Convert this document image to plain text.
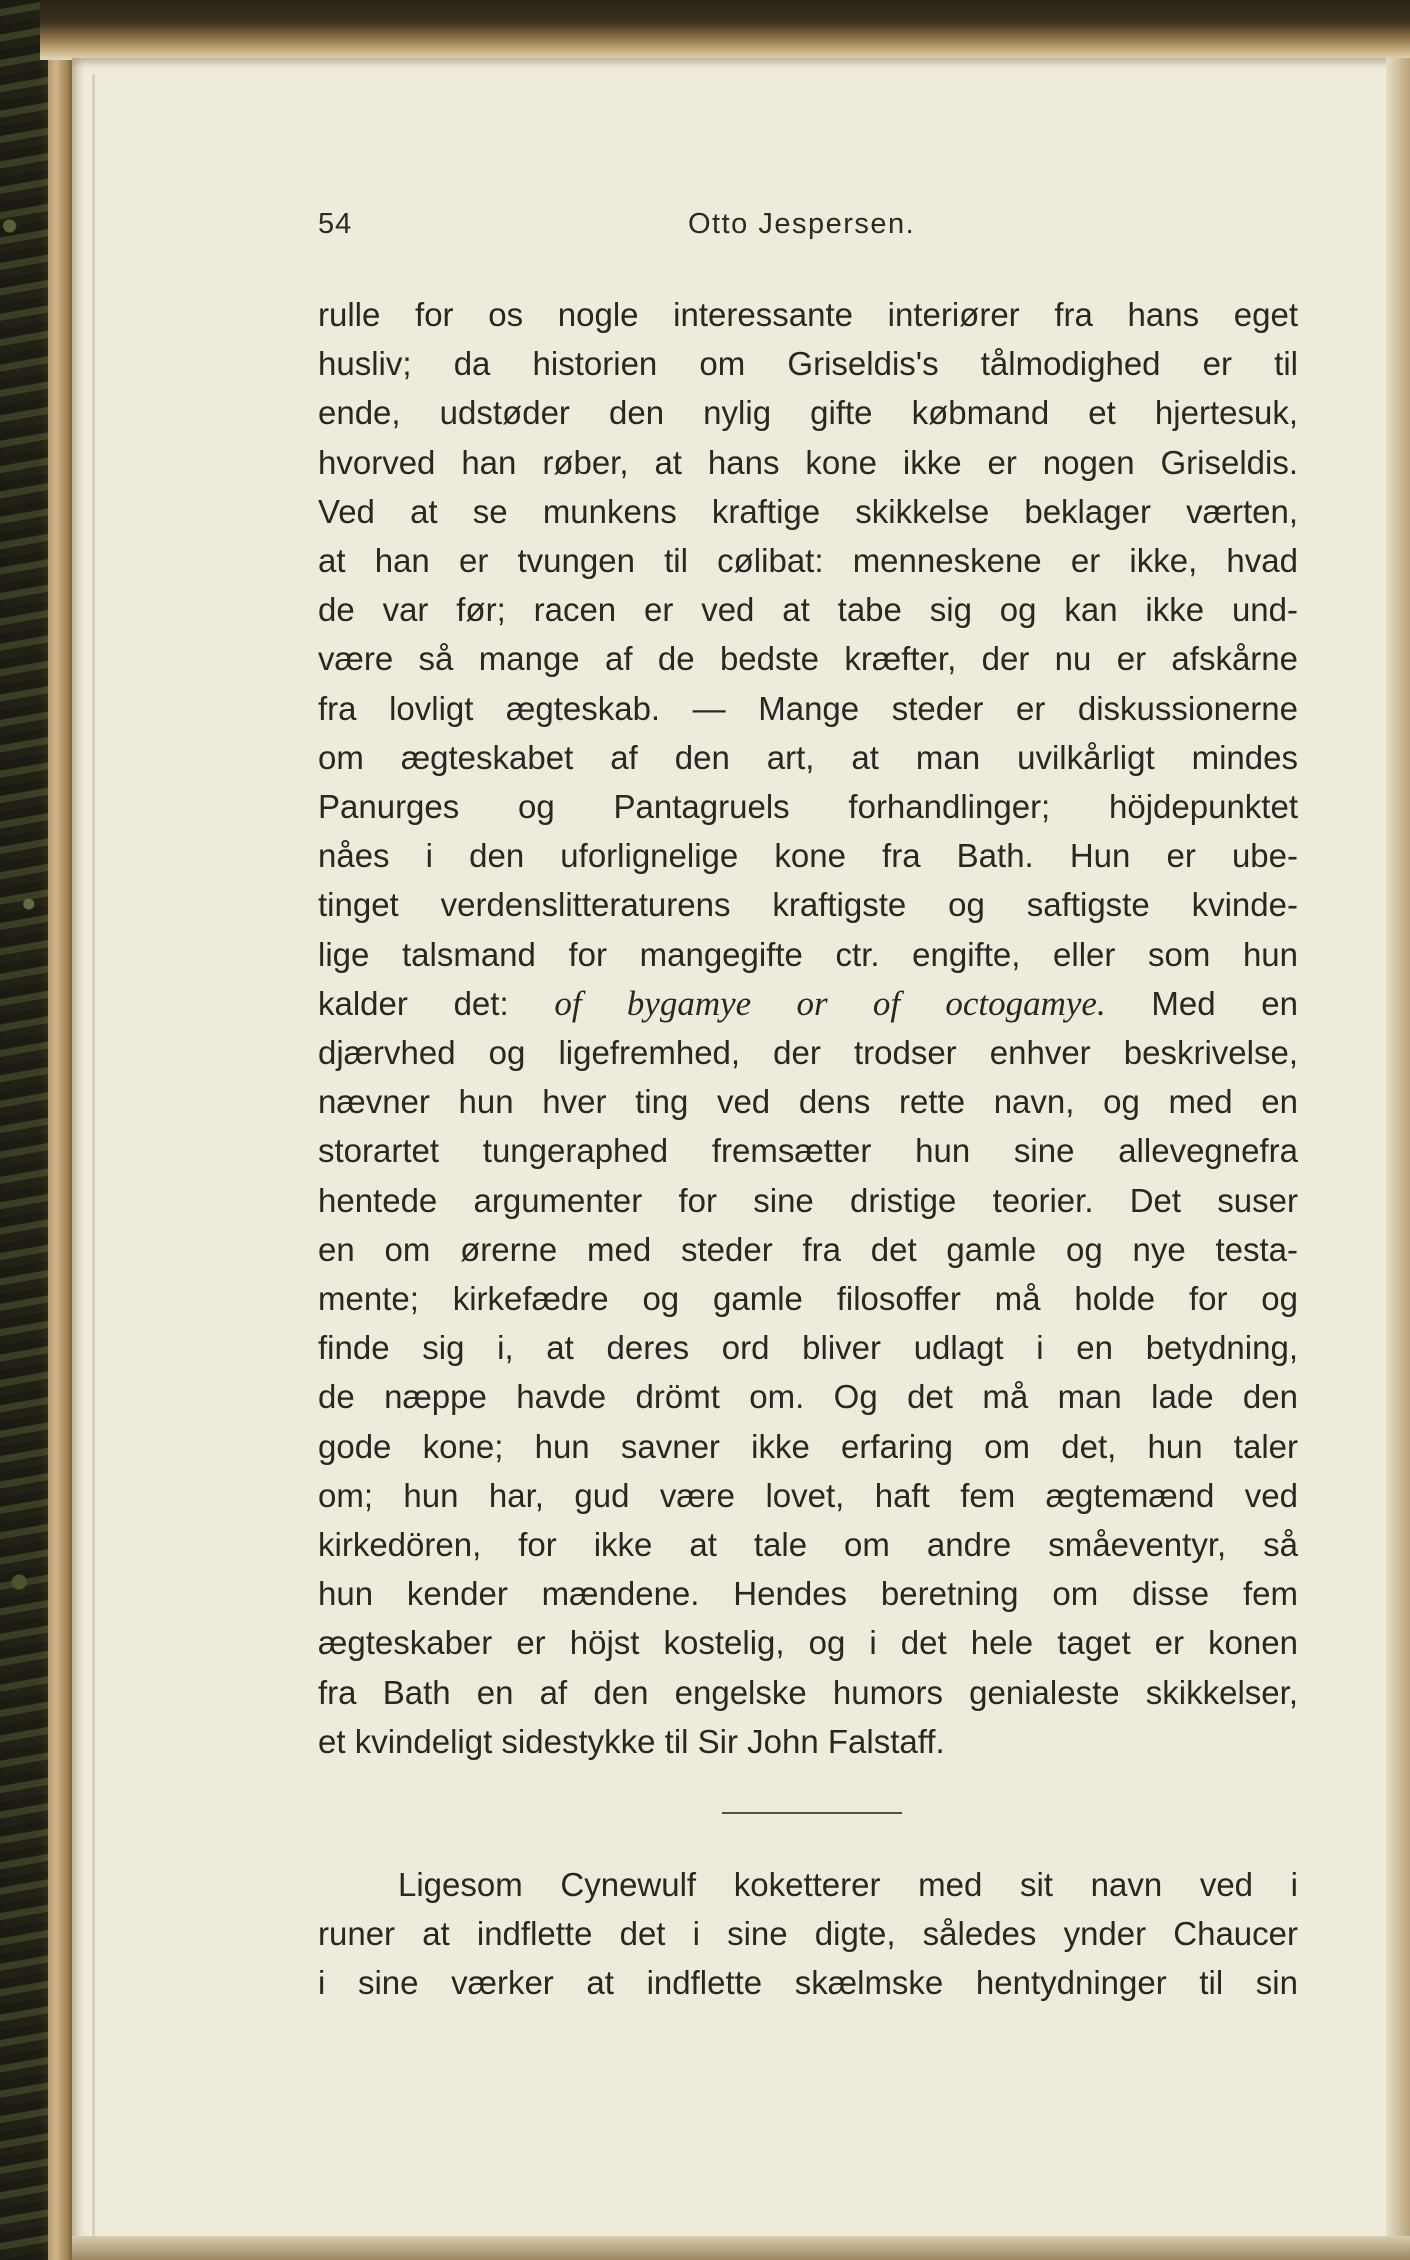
54	Otto Jespersen.
rulle for os nogle interessante interiører fra hans eget
husliv; da historien om Griseldis's tålmodighed er til
ende, udstøder den nylig gifte købmand et hjertesuk,
hvorved han røber, at hans kone ikke er nogen Griseldis.
Ved at se munkens kraftige skikkelse beklager værten,
at han er tvungen til cølibat: menneskene er ikke, hvad
de var før; racen er ved at tabe sig og kan ikke und-
være så mange af de bedste kræfter, der nu er afskårne
fra lovligt ægteskab. — Mange steder er diskussionerne
om ægteskabet af den art, at man uvilkårligt mindes
Panurges og Pantagruels forhandlinger; höjdepunktet
nåes i den uforlignelige kone fra Bath. Hun er ube-
tinget verdenslitteraturens kraftigste og saftigste kvinde-
lige talsmand for mangegifte ctr. engifte, eller som hun
kalder det: of bygamye or of octogamye. Med en
djærvhed og ligefremhed, der trodser enhver beskrivelse,
nævner hun hver ting ved dens rette navn, og med en
storartet tungeraphed fremsætter hun sine allevegnefra
hentede argumenter for sine dristige teorier. Det suser
en om ørerne med steder fra det gamle og nye testa-
mente; kirkefædre og gamle filosoffer må holde for og
finde sig i, at deres ord bliver udlagt i en betydning,
de næppe havde drömt om. Og det må man lade den
gode kone; hun savner ikke erfaring om det, hun taler
om; hun har, gud være lovet, haft fem ægtemænd ved
kirkedören, for ikke at tale om andre småeventyr, så
hun kender mændene. Hendes beretning om disse fem
ægteskaber er höjst kostelig, og i det hele taget er konen
fra Bath en af den engelske humors genialeste skikkelser,
et kvindeligt sidestykke til Sir John Falstaff.
Ligesom Cynewulf koketterer med sit navn ved i
runer at indflette det i sine digte, således ynder Chaucer
i sine værker at indflette skælmske hentydninger til sin
